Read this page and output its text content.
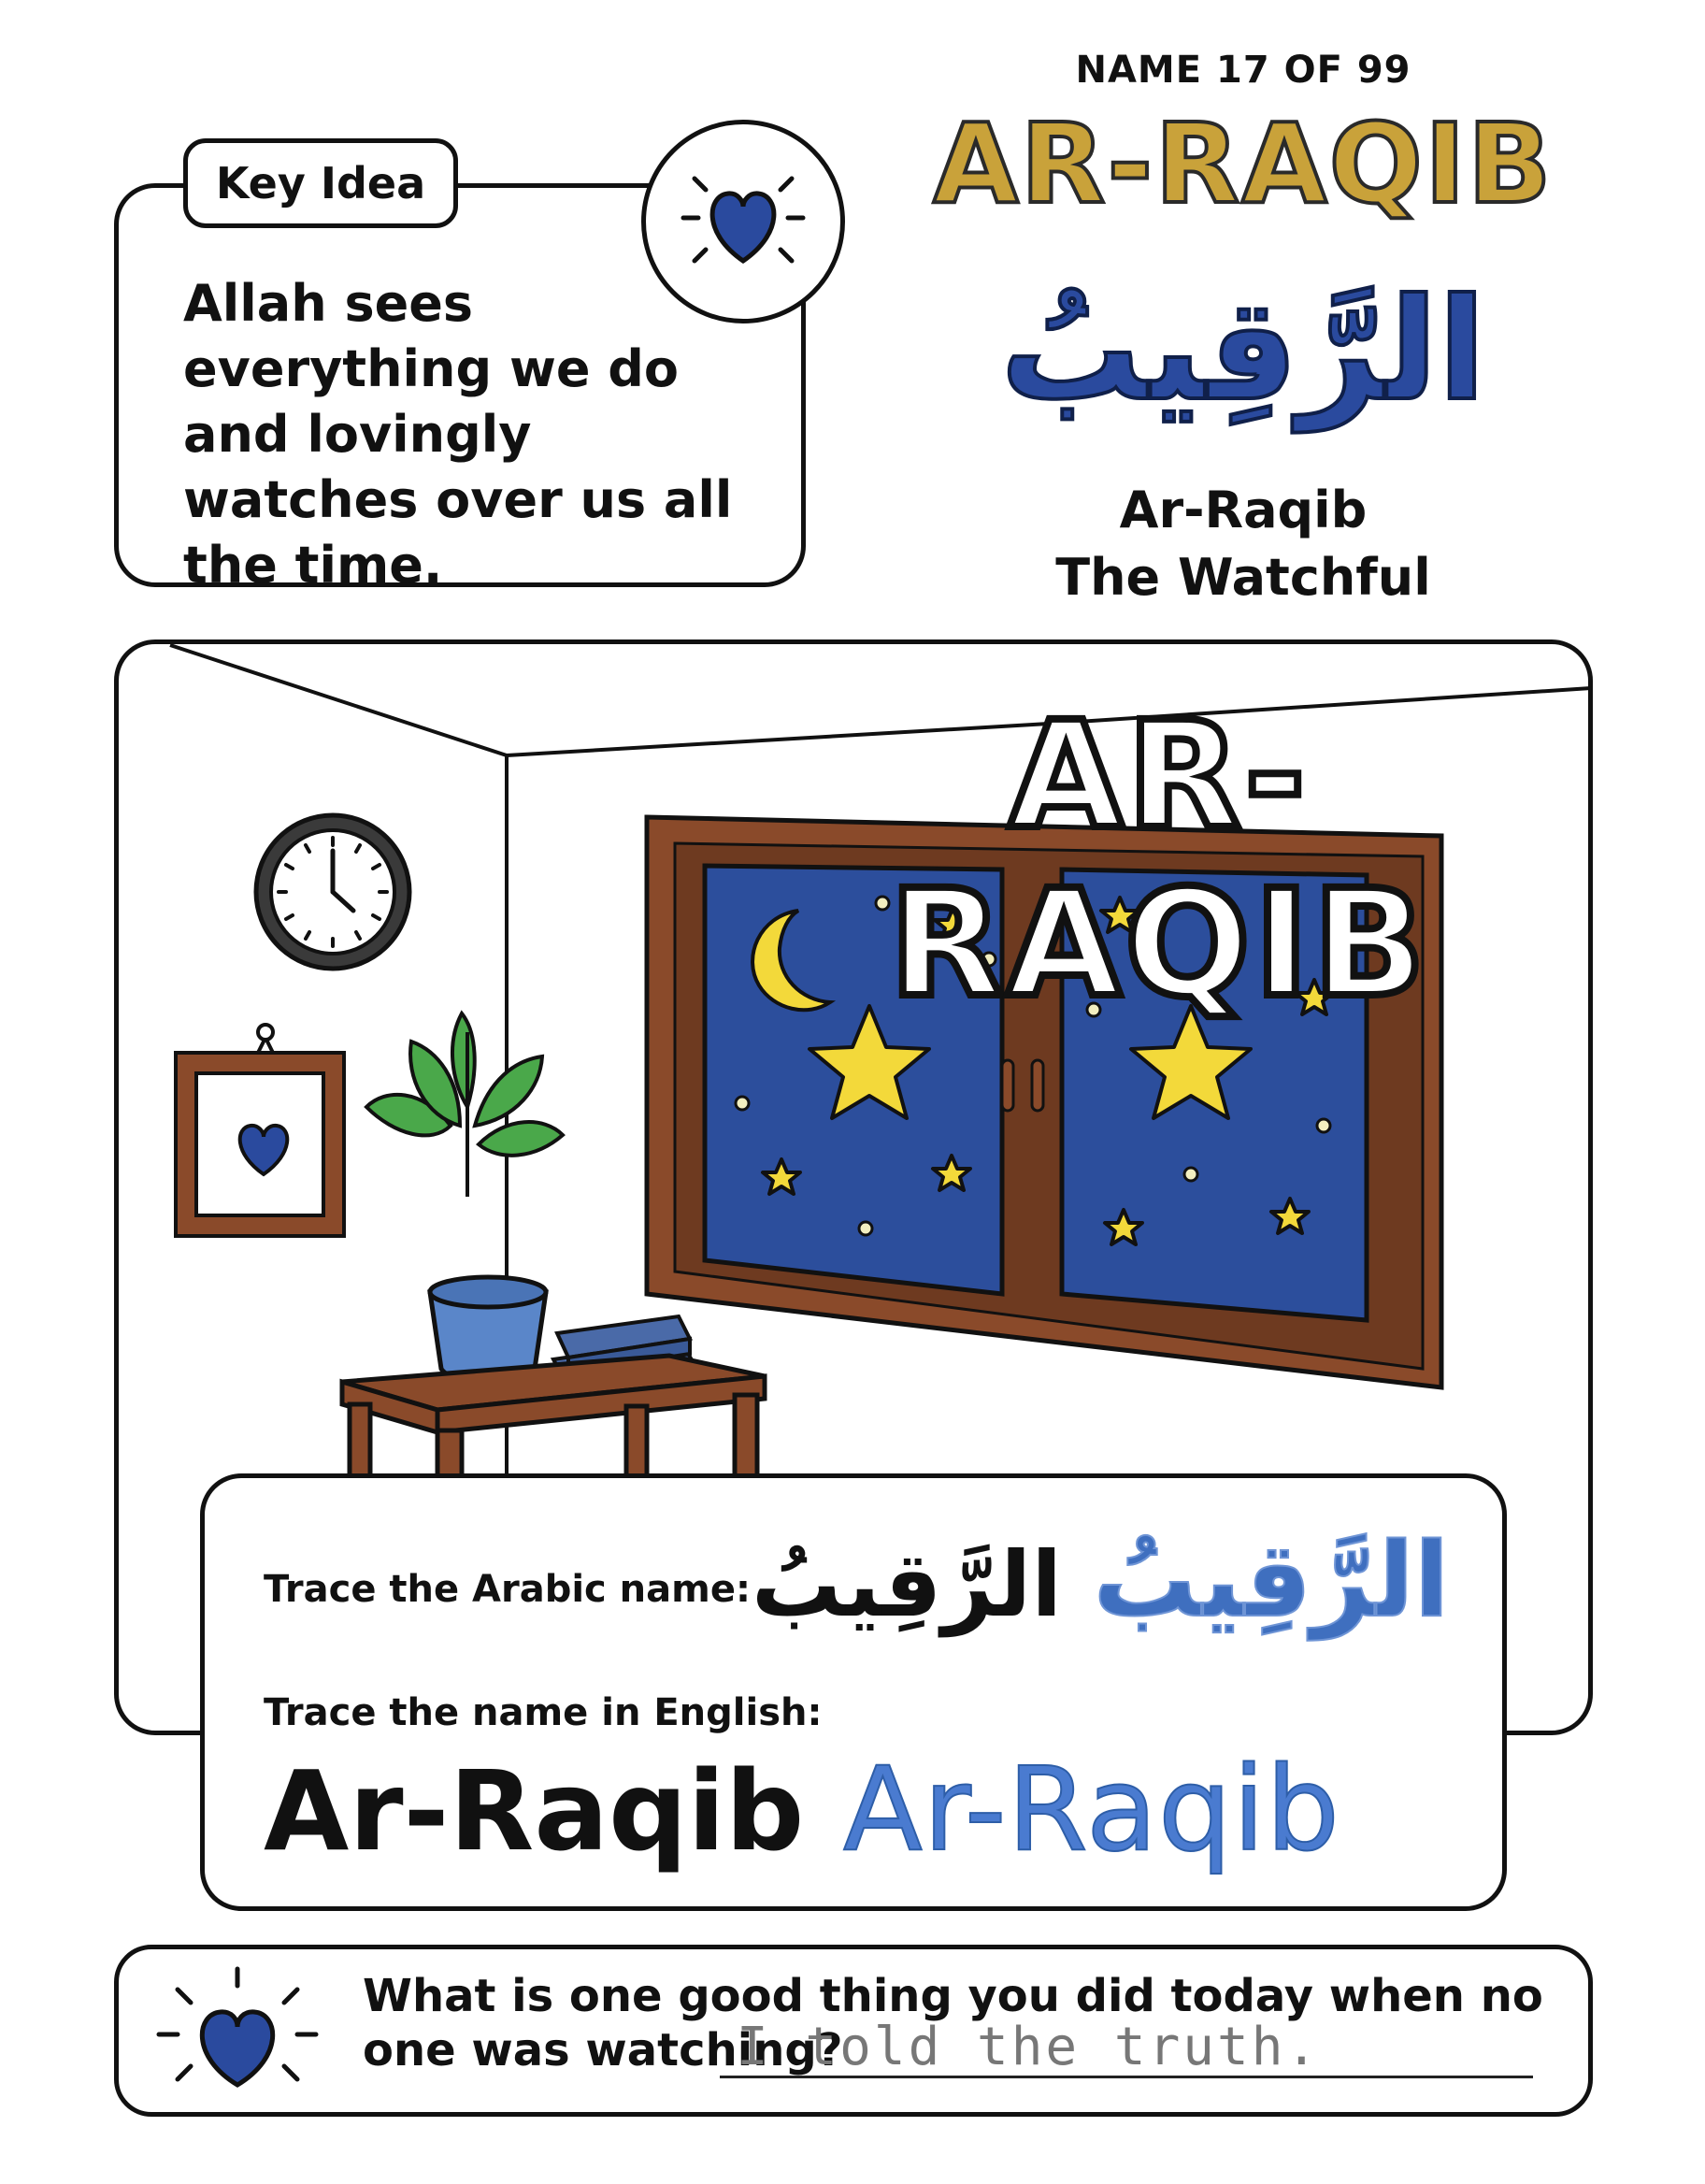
NAME 17 OF 99
AR-RAQIB
الرَّقِيبُ
Ar-Raqib
The Watchful
Key Idea
Allah sees everything we do and lovingly watches over us all the time.
AR-RAQIB
Trace the Arabic name: الرَّقِيبُ الرَّقِيبُ
Trace the name in English:
Ar-Raqib Ar-Raqib
What is one good thing you did today when no one was watching?
I told the truth.
